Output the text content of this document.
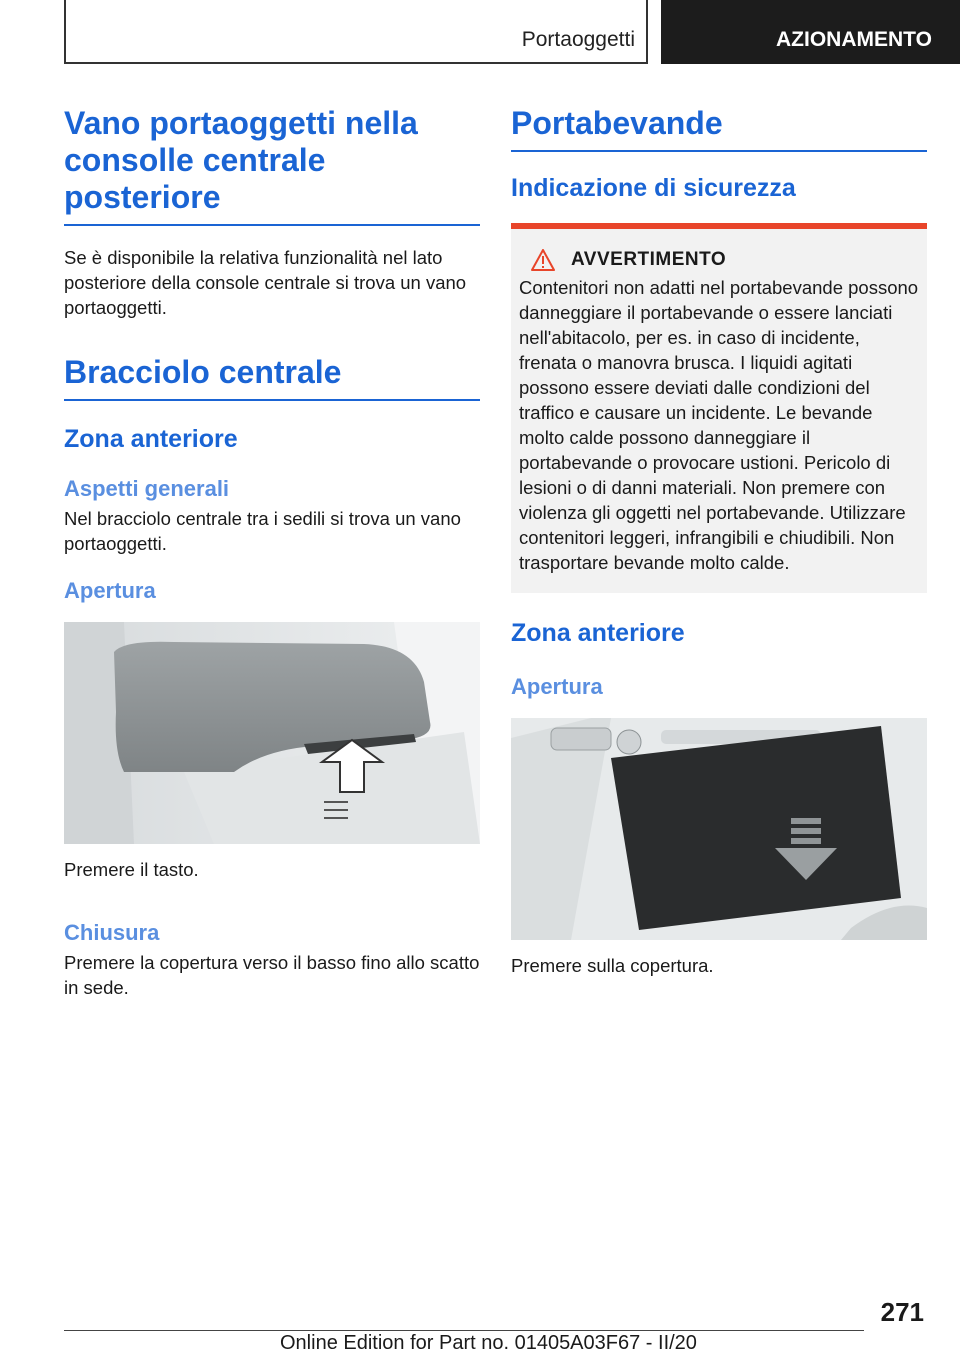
Portaoggetti	AZIONAMENTO
Vano portaoggetti nella consolle centrale posteriore

Se è disponibile la relativa funzionalità nel lato posteriore della console centrale si trova un vano portaoggetti.

Bracciolo centrale
Zona anteriore
Aspetti generali

Nel bracciolo centrale tra i sedili si trova un vano portaoggetti.

Apertura

Premere il tasto.

Chiusura

Premere la copertura verso il basso fino allo scatto in sede.

Portabevande
Indicazione di sicurezza
AVVERTIMENTO
Contenitori non adatti nel portabevande possono danneggiare il portabevande o essere lanciati nell'abitacolo, per es. in caso di incidente, frenata o manovra brusca. I liquidi agitati possono essere deviati dalle condizioni del traffico e causare un incidente. Le bevande molto calde possono danneggiare il portabevande o provocare ustioni. Pericolo di lesioni o di danni materiali. Non premere con violenza gli oggetti nel portabevande. Utilizzare contenitori leggeri, infrangibili e chiudibili. Non trasportare bevande molto calde.
Zona anteriore
Apertura

Premere sulla copertura.

271
Online Edition for Part no. 01405A03F67 - II/20
